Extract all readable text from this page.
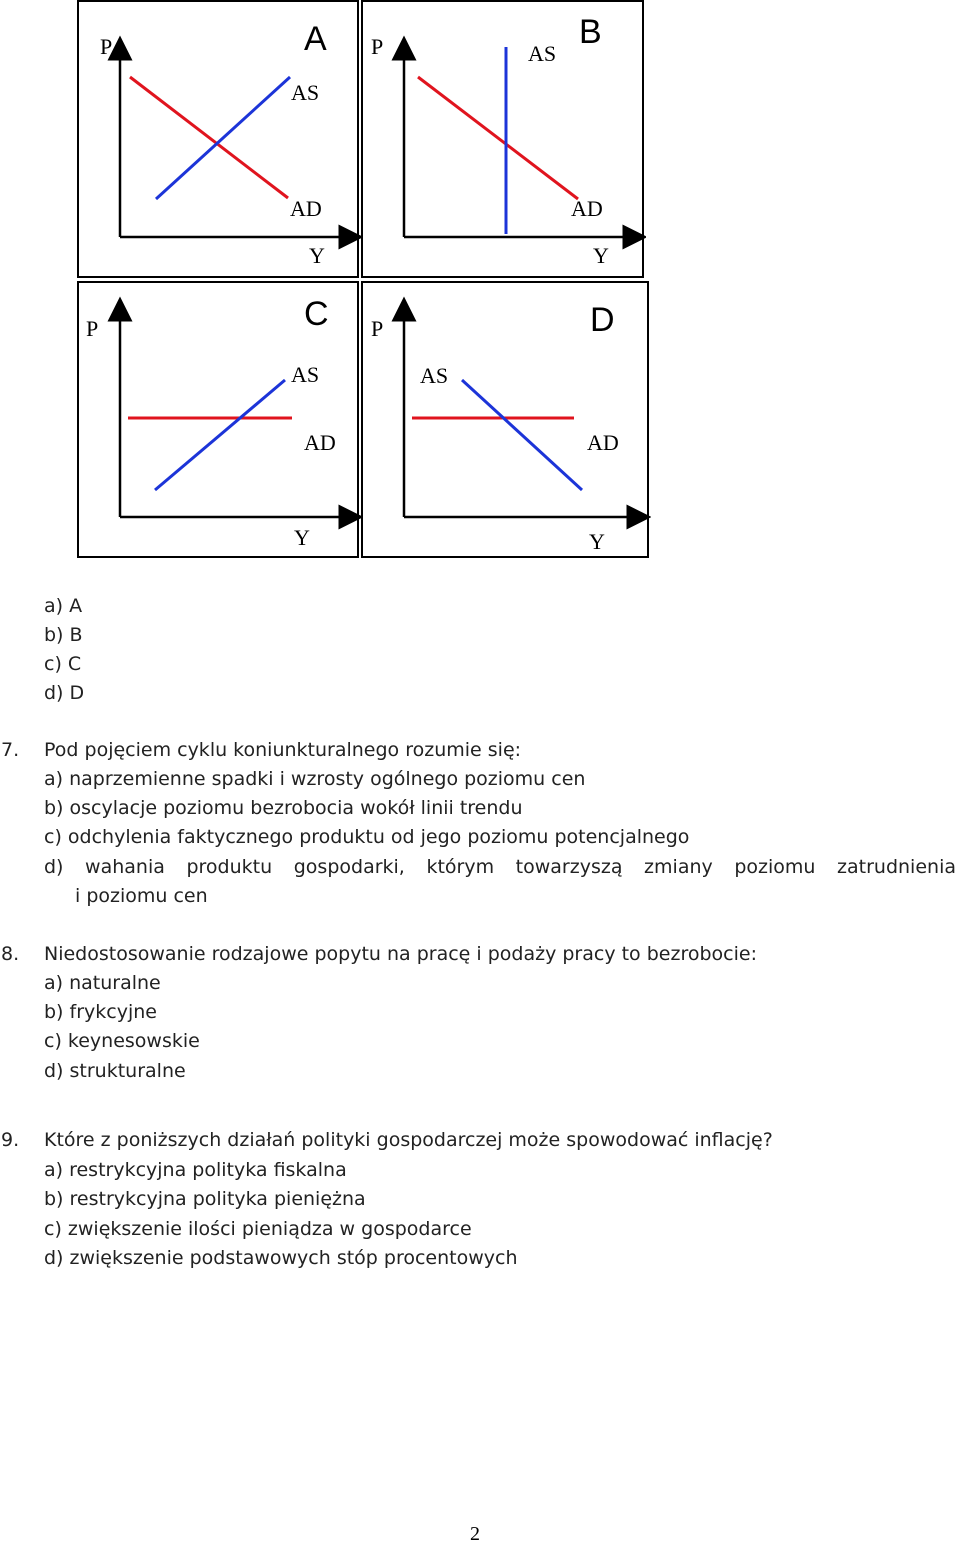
P	A
AS
AD
Y
P	B
AS
AD
Y
P	C
AS
AD
Y
P	D
AS
AD
Y
a) A
b) B
c) C
d) D
7. Pod pojęciem cyklu koniunkturalnego rozumie się:
a) naprzemienne spadki i wzrosty ogólnego poziomu cen
b) oscylacje poziomu bezrobocia wokół linii trendu
c) odchylenia faktycznego produktu od jego poziomu potencjalnego
d) wahania produktu gospodarki, którym towarzyszą zmiany poziomu zatrudnienia
i poziomu cen
8. Niedostosowanie rodzajowe popytu na pracę i podaży pracy to bezrobocie:
a) naturalne
b) frykcyjne
c) keynesowskie
d) strukturalne
9. Które z poniższych działań polityki gospodarczej może spowodować inflację?
a) restrykcyjna polityka fiskalna
b) restrykcyjna polityka pieniężna
c) zwiększenie ilości pieniądza w gospodarce
d) zwiększenie podstawowych stóp procentowych
2
